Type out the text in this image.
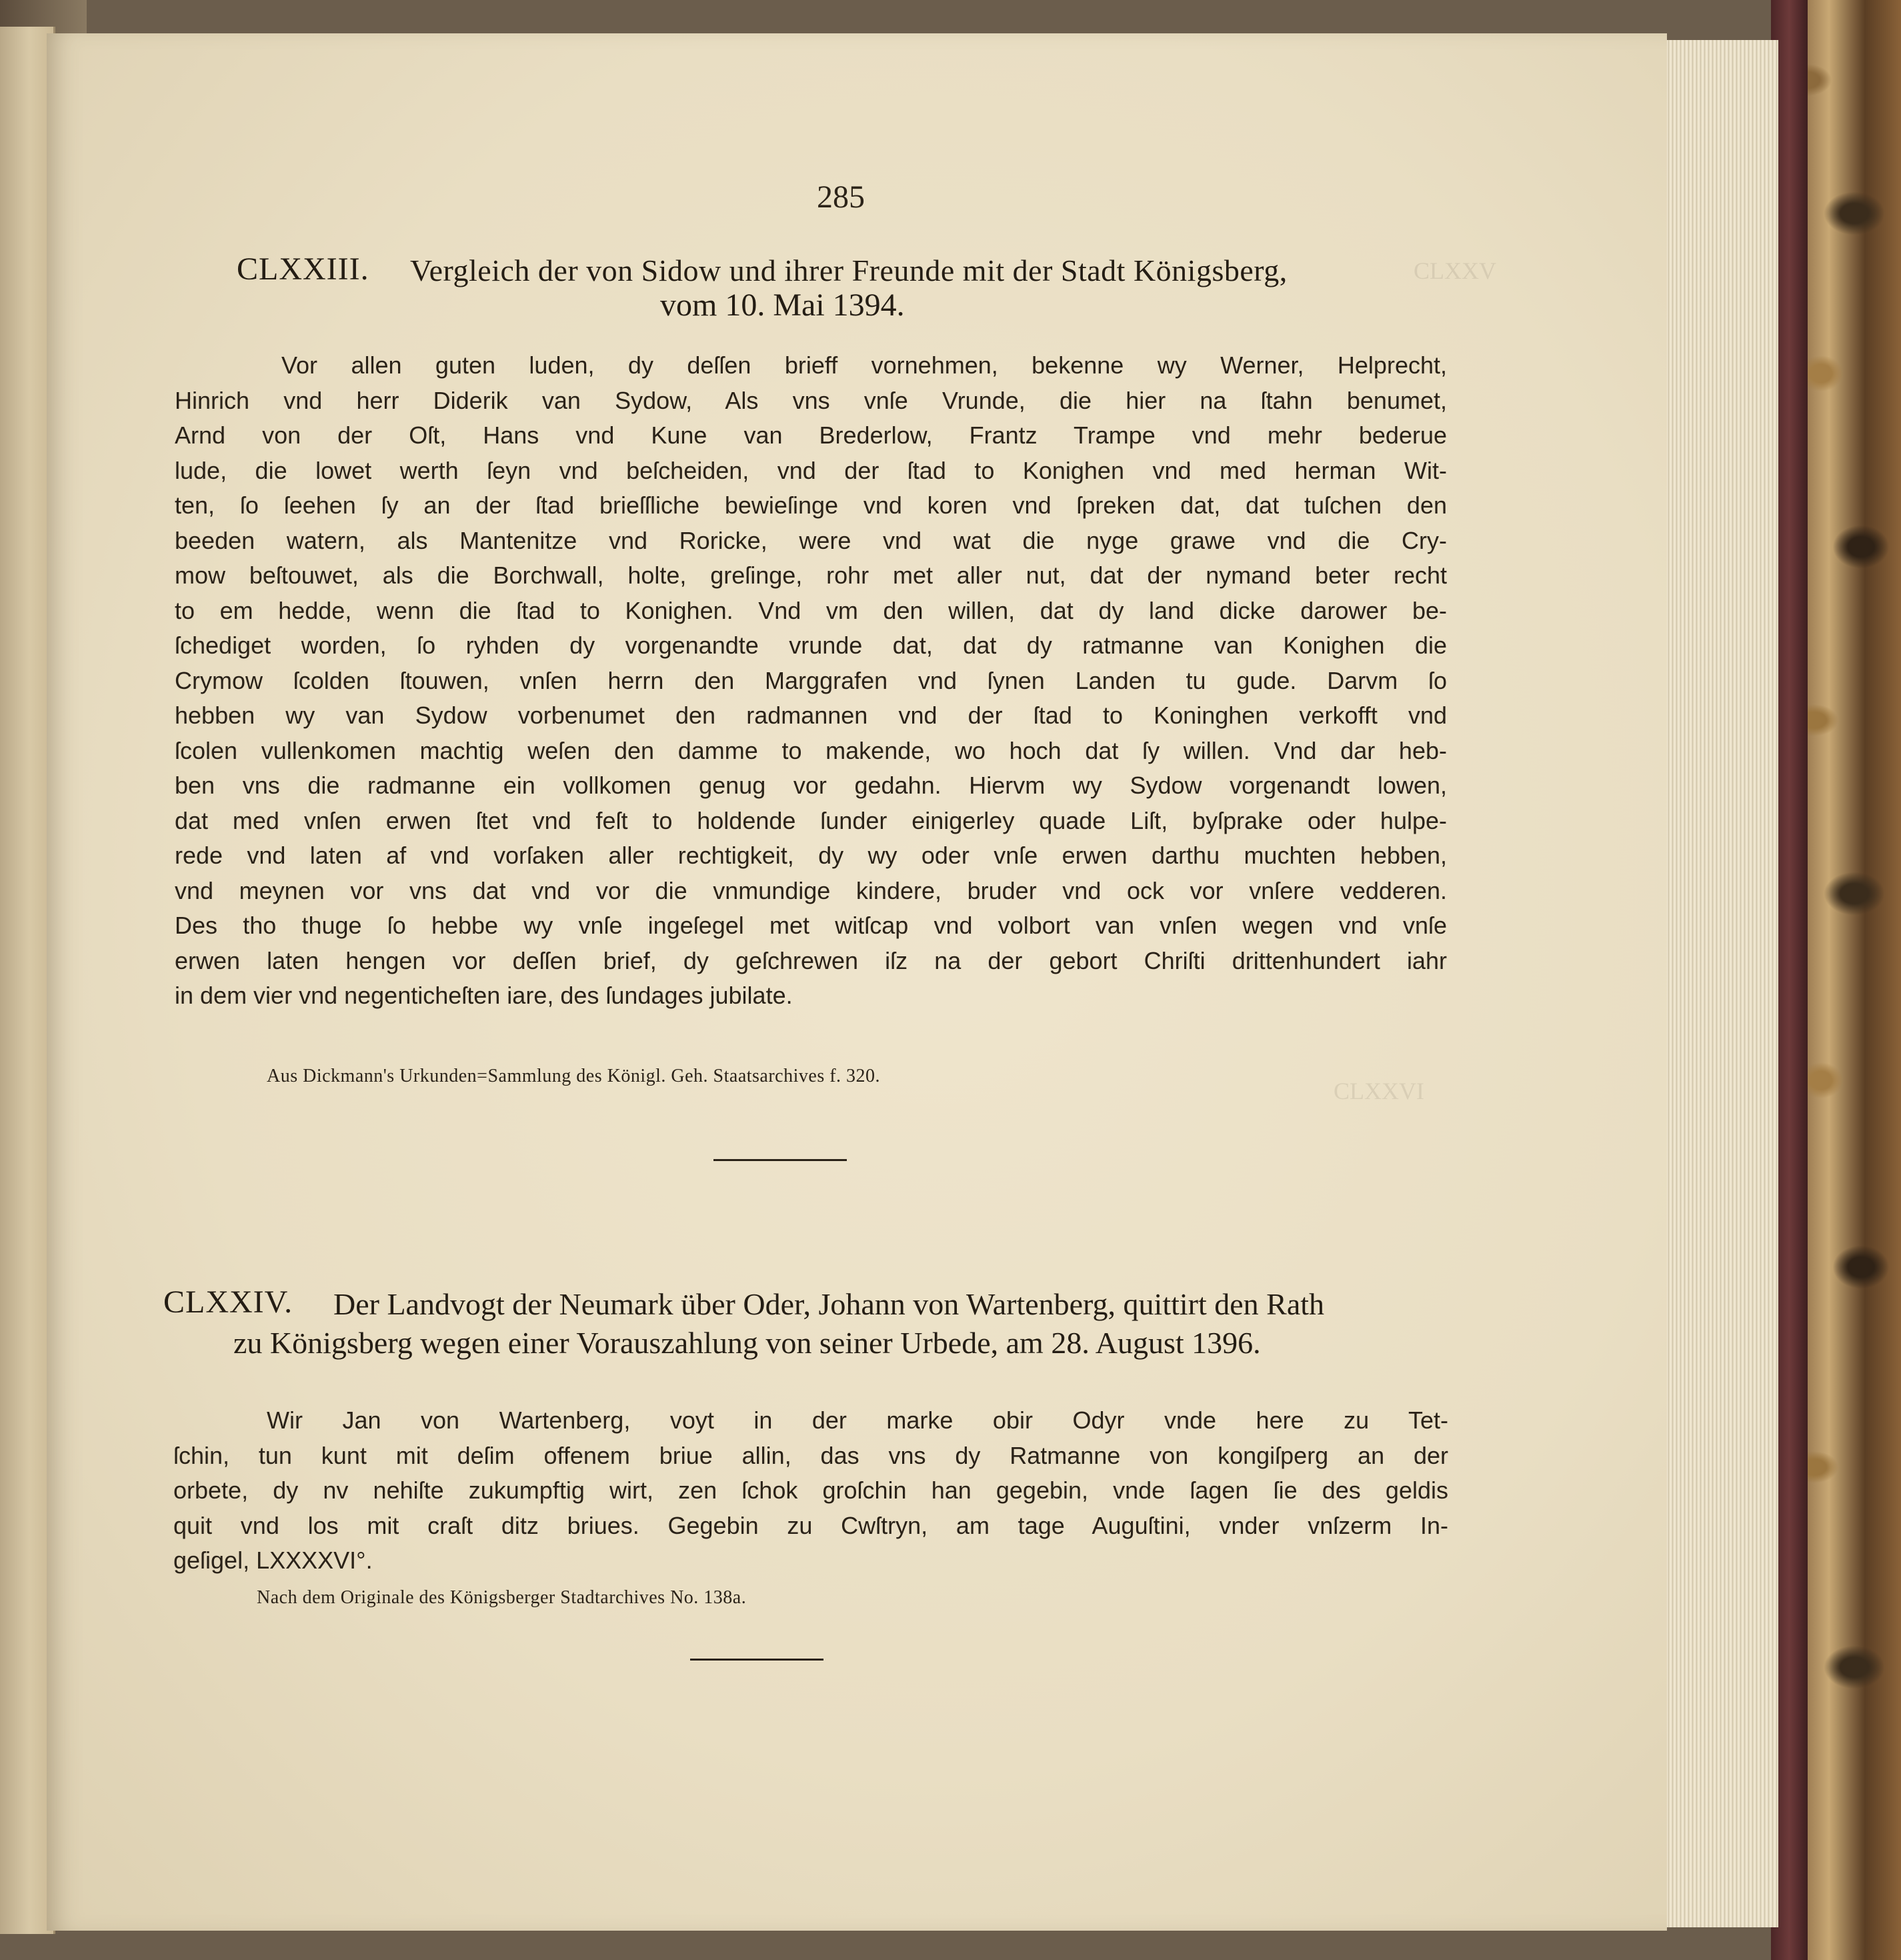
CLXXV
CLXXVI
285
CLXXIII. Vergleich der von Sidow und ihrer Freunde mit der Stadt Königsberg,
vom 10. Mai 1394.
Vor allen guten luden, dy deſſen brieff vornehmen, bekenne wy Werner, Helprecht,
Hinrich vnd herr Diderik van Sydow, Als vns vnſe Vrunde, die hier na ſtahn benumet,
Arnd von der Oſt, Hans vnd Kune van Brederlow, Frantz Trampe vnd mehr bederue
lude, die lowet werth ſeyn vnd beſcheiden, vnd der ſtad to Konighen vnd med herman Wit-
ten, ſo ſeehen ſy an der ſtad brieſſliche bewieſinge vnd koren vnd ſpreken dat, dat tuſchen den
beeden watern, als Mantenitze vnd Roricke, were vnd wat die nyge grawe vnd die Cry-
mow beſtouwet, als die Borchwall, holte, greſinge, rohr met aller nut, dat der nymand beter recht
to em hedde, wenn die ſtad to Konighen. Vnd vm den willen, dat dy land dicke darower be-
ſchediget worden, ſo ryhden dy vorgenandte vrunde dat, dat dy ratmanne van Konighen die
Crymow ſcolden ſtouwen, vnſen herrn den Marggrafen vnd ſynen Landen tu gude. Darvm ſo
hebben wy van Sydow vorbenumet den radmannen vnd der ſtad to Koninghen verkofft vnd
ſcolen vullenkomen machtig weſen den damme to makende, wo hoch dat ſy willen. Vnd dar heb-
ben vns die radmanne ein vollkomen genug vor gedahn. Hiervm wy Sydow vorgenandt lowen,
dat med vnſen erwen ſtet vnd feſt to holdende ſunder einigerley quade Liſt, byſprake oder hulpe-
rede vnd laten af vnd vorſaken aller rechtigkeit, dy wy oder vnſe erwen darthu muchten hebben,
vnd meynen vor vns dat vnd vor die vnmundige kindere, bruder vnd ock vor vnſere vedderen.
Des tho thuge ſo hebbe wy vnſe ingeſegel met witſcap vnd volbort van vnſen wegen vnd vnſe
erwen laten hengen vor deſſen brief, dy geſchrewen iſz na der gebort Chriſti drittenhundert iahr
in dem vier vnd negenticheſten iare, des ſundages jubilate.
Aus Dickmann's Urkunden=Sammlung des Königl. Geh. Staatsarchives f. 320.
CLXXIV. Der Landvogt der Neumark über Oder, Johann von Wartenberg, quittirt den Rath
zu Königsberg wegen einer Vorauszahlung von seiner Urbede, am 28. August 1396.
Wir Jan von Wartenberg, voyt in der marke obir Odyr vnde here zu Tet-
ſchin, tun kunt mit deſim offenem briue allin, das vns dy Ratmanne von kongiſperg an der
orbete, dy nv nehiſte zukumpftig wirt, zen ſchok groſchin han gegebin, vnde ſagen ſie des geldis
quit vnd los mit craſt ditz briues. Gegebin zu Cwſtryn, am tage Auguſtini, vnder vnſzerm In-
geſigel, LXXXXVI°.
Nach dem Originale des Königsberger Stadtarchives No. 138a.
